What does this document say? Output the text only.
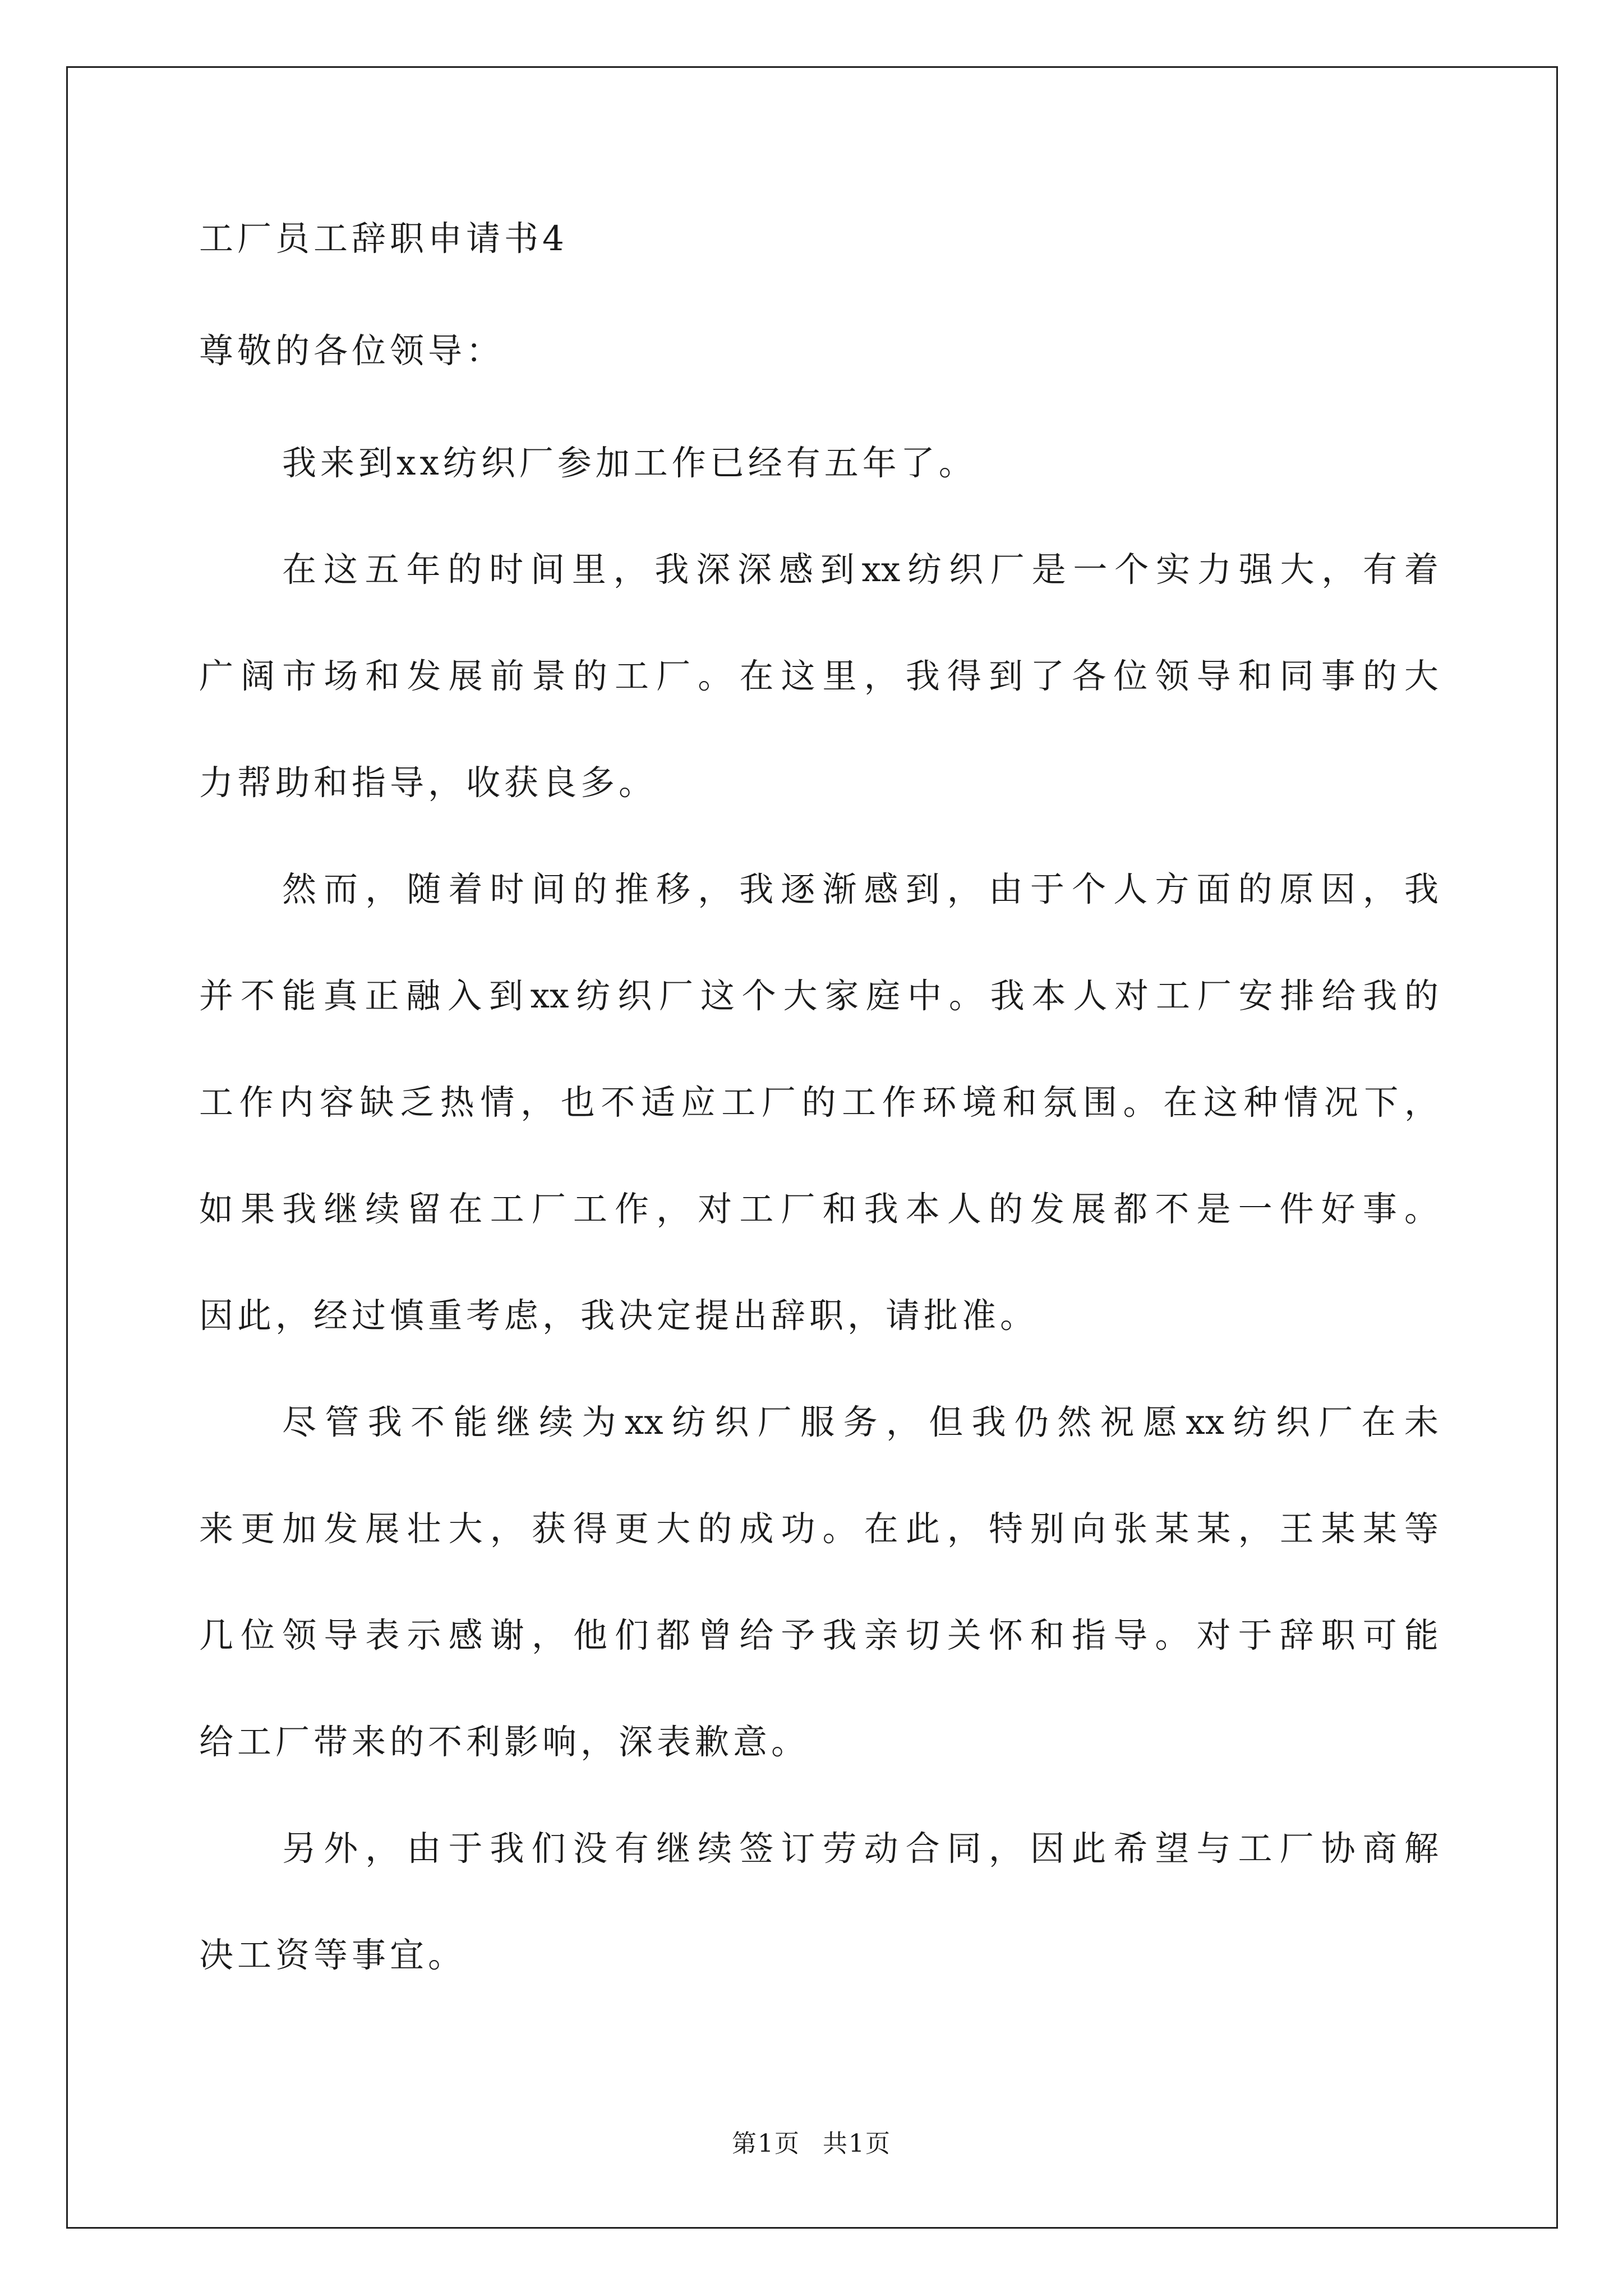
工厂员工辞职申请书4
尊敬的各位领导：
我来到xx纺织厂参加工作已经有五年了。
在这五年的时间里，我深深感到xx纺织厂是一个实力强大，有着
广阔市场和发展前景的工厂。在这里，我得到了各位领导和同事的大
力帮助和指导，收获良多。
然而，随着时间的推移，我逐渐感到，由于个人方面的原因，我
并不能真正融入到xx纺织厂这个大家庭中。我本人对工厂安排给我的
工作内容缺乏热情，也不适应工厂的工作环境和氛围。在这种情况下，
如果我继续留在工厂工作，对工厂和我本人的发展都不是一件好事。
因此，经过慎重考虑，我决定提出辞职，请批准。
尽管我不能继续为xx纺织厂服务，但我仍然祝愿xx纺织厂在未
来更加发展壮大，获得更大的成功。在此，特别向张某某，王某某等
几位领导表示感谢，他们都曾给予我亲切关怀和指导。对于辞职可能
给工厂带来的不利影响，深表歉意。
另外，由于我们没有继续签订劳动合同，因此希望与工厂协商解
决工资等事宜。
第1页 共1页
